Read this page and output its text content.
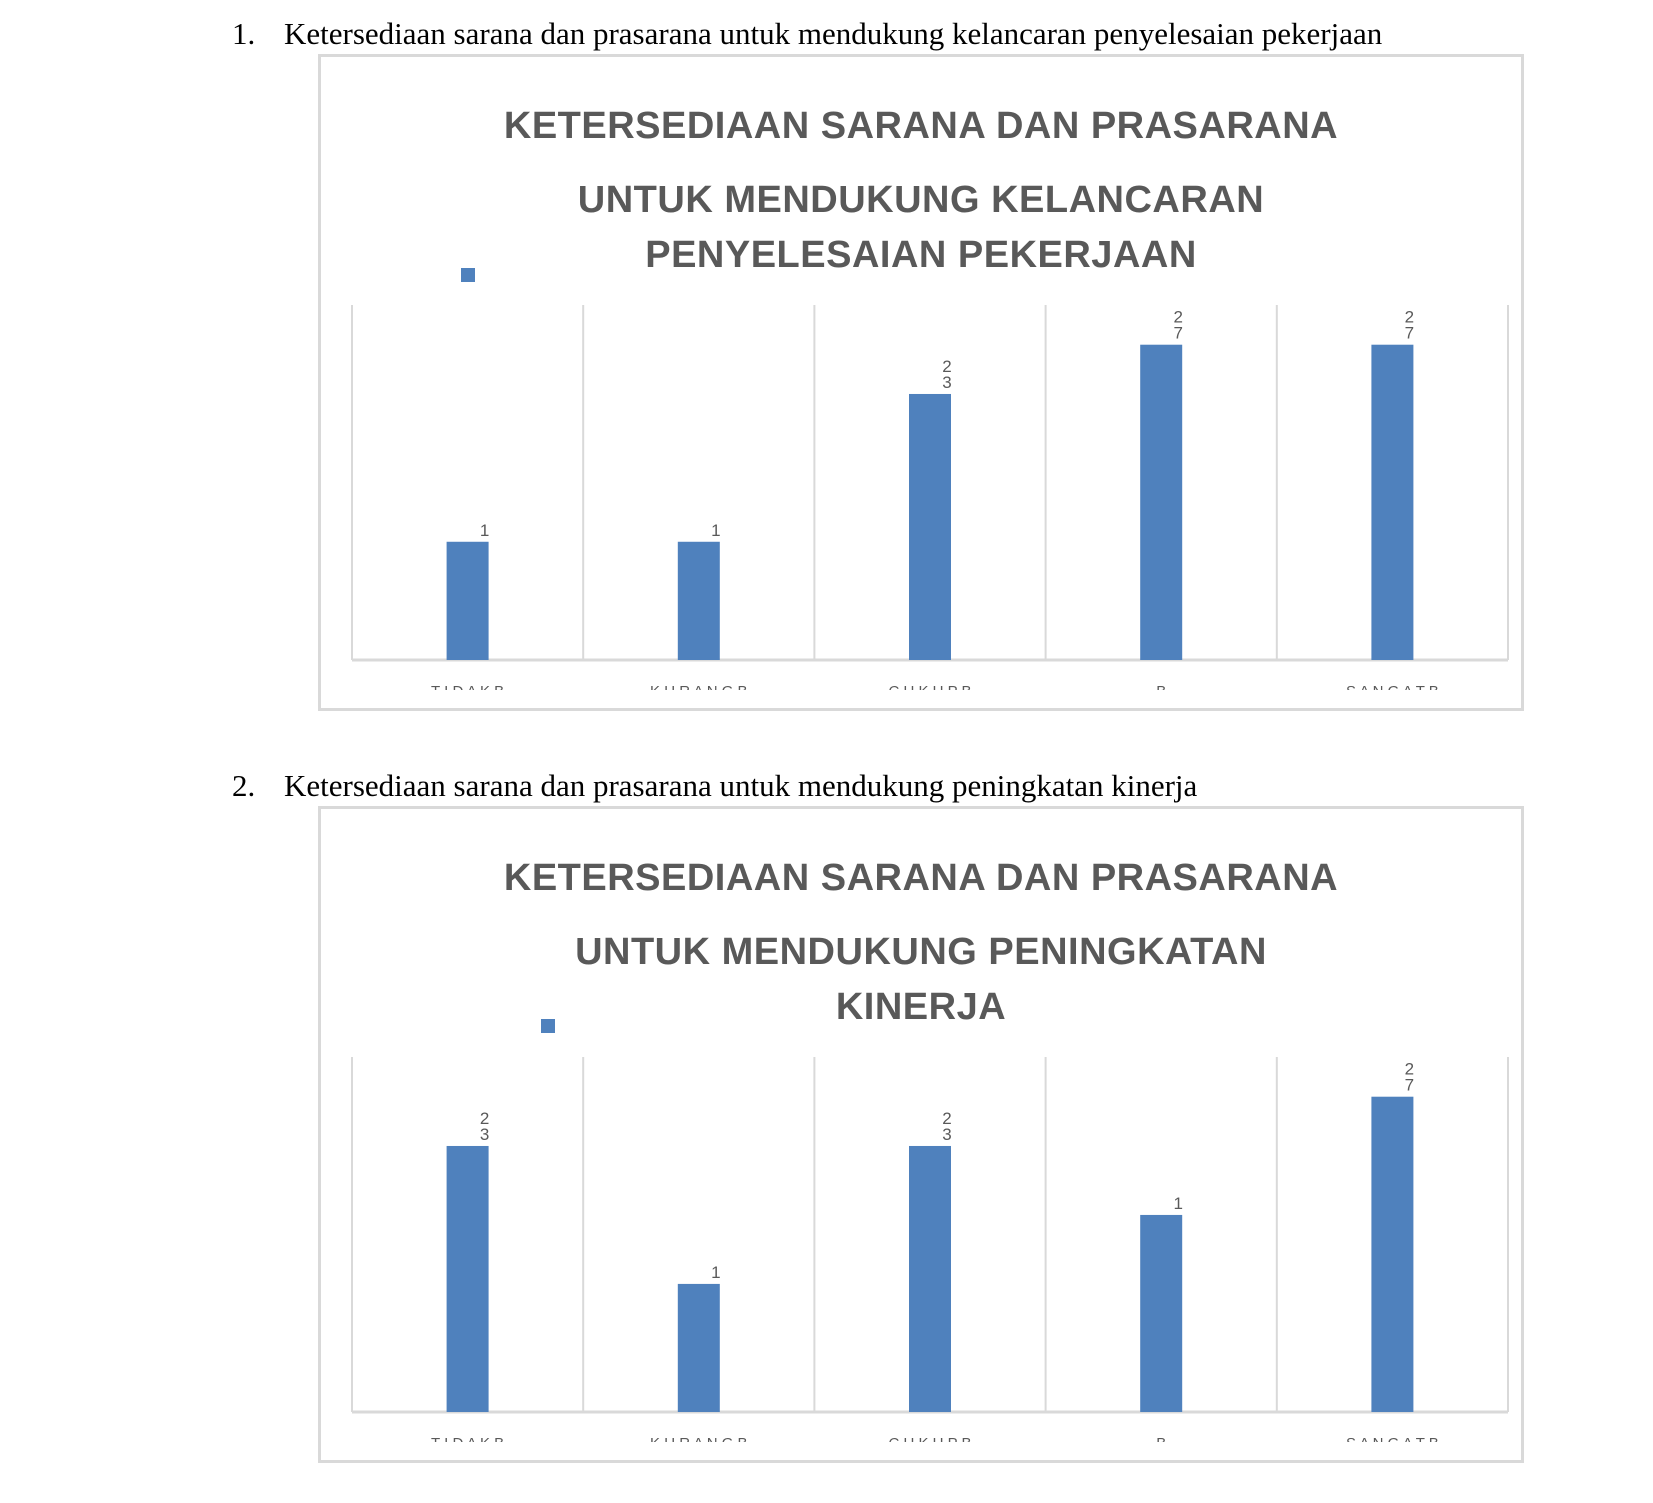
1. Ketersediaan sarana dan prasarana untuk mendukung kelancaran penyelesaian pekerjaan
KETERSEDIAAN SARANA DAN PRASARANA
UNTUK MENDUKUNG KELANCARAN
PENYELESAIAN PEKERJAAN
1	1
2
3
2
7
2
7
2. Ketersediaan sarana dan prasarana untuk mendukung peningkatan kinerja
KETERSEDIAAN SARANA DAN PRASARANA
UNTUK MENDUKUNG PENINGKATAN
KINERJA
2
3
1
2
3
1
2
7
